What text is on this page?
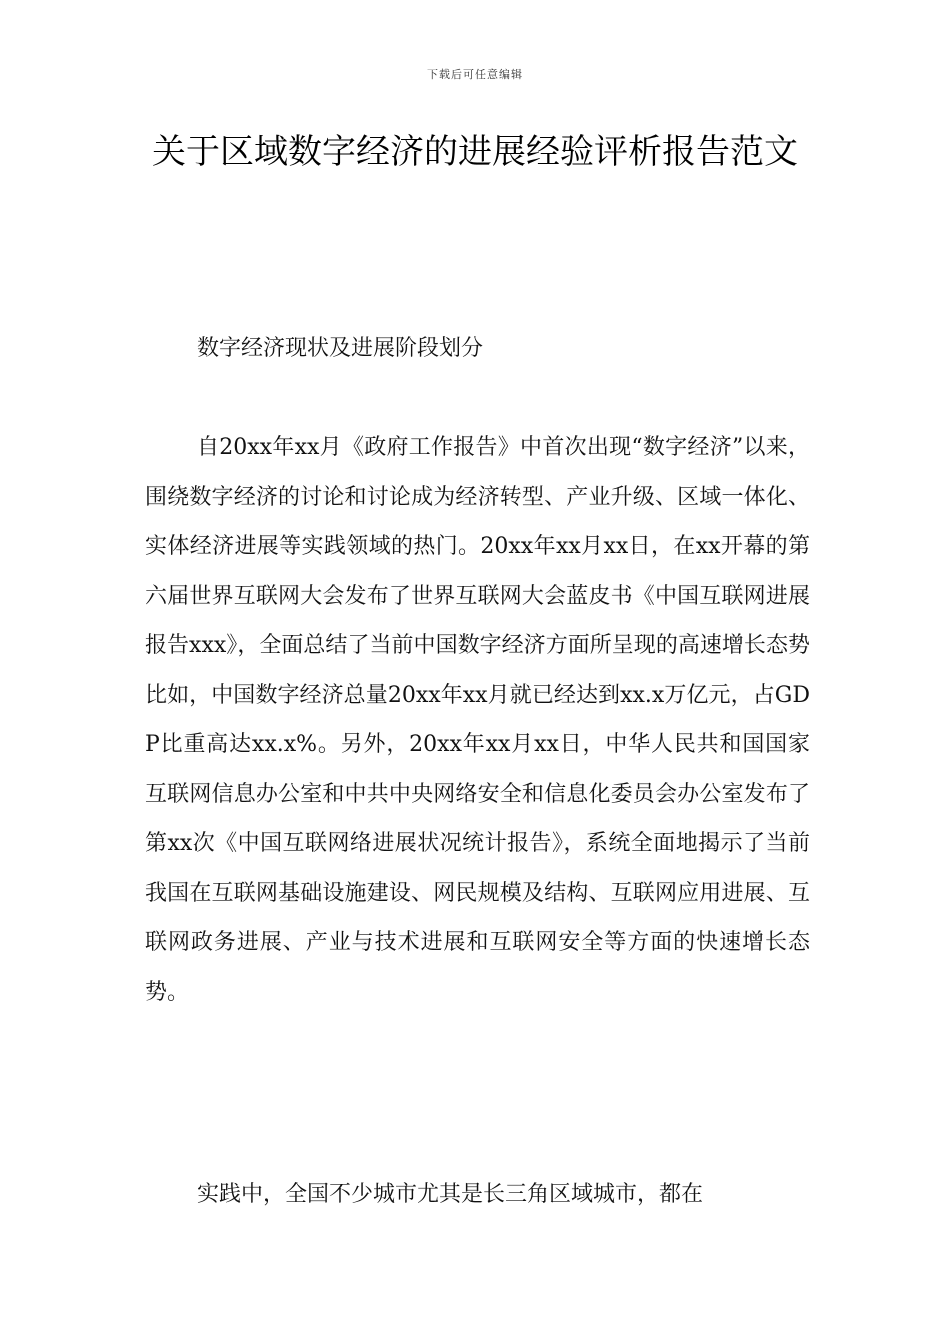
下载后可任意编辑
关于区域数字经济的进展经验评析报告范文
数字经济现状及进展阶段划分

自20xx年xx月《政府工作报告》中首次出现“数字经济”以来，围绕数字经济的讨论和讨论成为经济转型、产业升级、区域一体化、实体经济进展等实践领域的热门。20xx年xx月xx日，在xx开幕的第六届世界互联网大会发布了世界互联网大会蓝皮书《中国互联网进展报告xxx》，全面总结了当前中国数字经济方面所呈现的高速增长态势比如，中国数字经济总量20xx年xx月就已经达到xx.x万亿元，占GDP比重高达xx.x%。另外，20xx年xx月xx日，中华人民共和国国家互联网信息办公室和中共中央网络安全和信息化委员会办公室发布了第xx次《中国互联网络进展状况统计报告》，系统全面地揭示了当前我国在互联网基础设施建设、网民规模及结构、互联网应用进展、互联网政务进展、产业与技术进展和互联网安全等方面的快速增长态势。

实践中，全国不少城市尤其是长三角区域城市，都在
